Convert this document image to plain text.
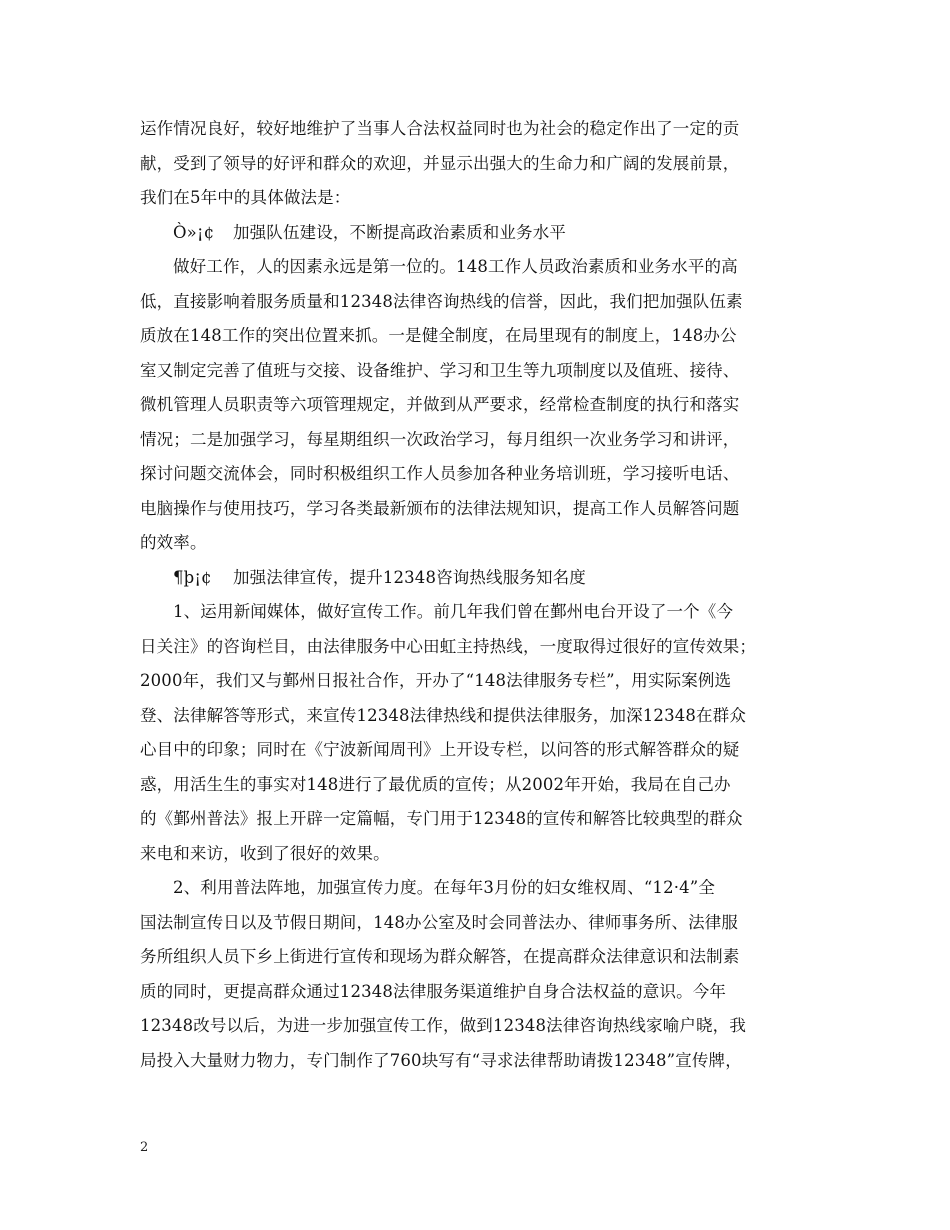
运作情况良好，较好地维护了当事人合法权益同时也为社会的稳定作出了一定的贡
献，受到了领导的好评和群众的欢迎，并显示出强大的生命力和广阔的发展前景，
我们在5年中的具体做法是：
Ò»¡¢ 加强队伍建设，不断提高政治素质和业务水平
做好工作，人的因素永远是第一位的。148工作人员政治素质和业务水平的高
低，直接影响着服务质量和12348法律咨询热线的信誉，因此，我们把加强队伍素
质放在148工作的突出位置来抓。一是健全制度，在局里现有的制度上，148办公
室又制定完善了值班与交接、设备维护、学习和卫生等九项制度以及值班、接待、
微机管理人员职责等六项管理规定，并做到从严要求，经常检查制度的执行和落实
情况；二是加强学习，每星期组织一次政治学习，每月组织一次业务学习和讲评，
探讨问题交流体会，同时积极组织工作人员参加各种业务培训班，学习接听电话、
电脑操作与使用技巧，学习各类最新颁布的法律法规知识，提高工作人员解答问题
的效率。
¶þ¡¢ 加强法律宣传，提升12348咨询热线服务知名度
1、运用新闻媒体，做好宣传工作。前几年我们曾在鄞州电台开设了一个《今
日关注》的咨询栏目，由法律服务中心田虹主持热线，一度取得过很好的宣传效果；
2000年，我们又与鄞州日报社合作，开办了“148法律服务专栏”，用实际案例选
登、法律解答等形式，来宣传12348法律热线和提供法律服务，加深12348在群众
心目中的印象；同时在《宁波新闻周刊》上开设专栏，以问答的形式解答群众的疑
惑，用活生生的事实对148进行了最优质的宣传；从2002年开始，我局在自己办
的《鄞州普法》报上开辟一定篇幅，专门用于12348的宣传和解答比较典型的群众
来电和来访，收到了很好的效果。
2、利用普法阵地，加强宣传力度。在每年3月份的妇女维权周、“12·4”全
国法制宣传日以及节假日期间，148办公室及时会同普法办、律师事务所、法律服
务所组织人员下乡上街进行宣传和现场为群众解答，在提高群众法律意识和法制素
质的同时，更提高群众通过12348法律服务渠道维护自身合法权益的意识。今年
12348改号以后，为进一步加强宣传工作，做到12348法律咨询热线家喻户晓，我
局投入大量财力物力，专门制作了760块写有“寻求法律帮助请拨12348”宣传牌，
2
